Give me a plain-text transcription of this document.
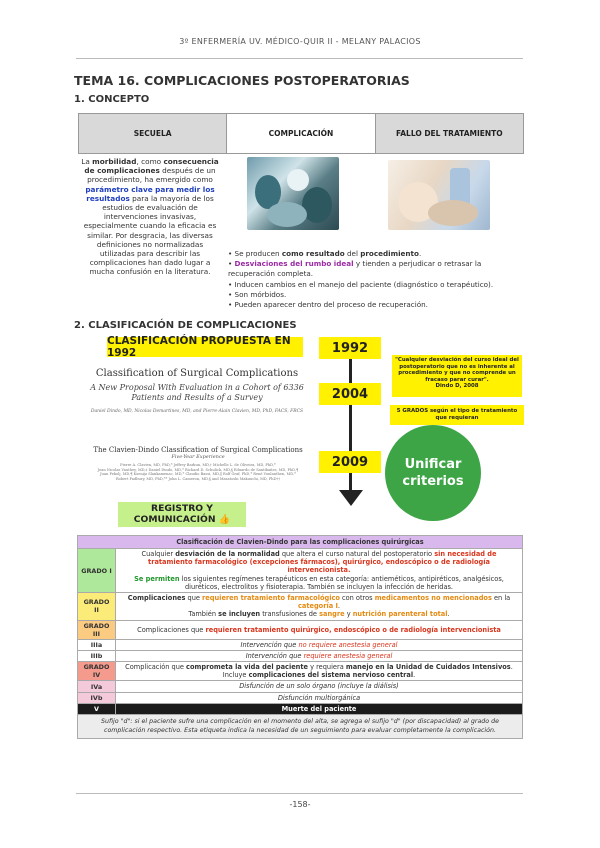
3º ENFERMERÍA UV. MÉDICO-QUIR II - MELANY PALACIOS
TEMA 16. COMPLICACIONES POSTOPERATORIAS
1. CONCEPTO
SECUELA	COMPLICACIÓN	FALLO DEL TRATAMIENTO
La morbilidad, como consecuencia de complicaciones después de un procedimiento, ha emergido como parámetro clave para medir los resultados para la mayoría de los estudios de evaluación de intervenciones invasivas, especialmente cuando la eficacia es similar. Por desgracia, las diversas definiciones no normalizadas utilizadas para describir las complicaciones han dado lugar a mucha confusión en la literatura.
• Se producen como resultado del procedimiento.
• Desviaciones del rumbo ideal y tienden a perjudicar o retrasar la recuperación completa.
• Inducen cambios en el manejo del paciente (diagnóstico o terapéutico).
• Son mórbidos.
• Pueden aparecer dentro del proceso de recuperación.
2. CLASIFICACIÓN DE COMPLICACIONES
CLASIFICACIÓN PROPUESTA EN 1992	1992
2004
2009
"Cualquier desviación del curso ideal del postoperatorio que no es inherente al procedimiento y que no comprende un fracaso parar curar".
Dindo D, 2008
5 GRADOS según el tipo de tratamiento que requieran
Classification of Surgical Complications
A New Proposal With Evaluation in a Cohort of 6336 Patients and Results of a Survey
Daniel Dindo, MD, Nicolas Demartines, MD, and Pierre-Alain Clavien, MD, PhD, FACS, FRCS
The Clavien-Dindo Classification of Surgical Complications
Five-Year Experience
Pierre A. Clavien, MD, PhD,* Jeffrey Barkun, MD,† Michelle L. de Oliveira, MD, PhD,*
Jean Nicolas Vauthey, MD,‡ Daniel Dindo, MD,* Richard D. Schulick, MD,§ Eduardo de Santibañes, MD, PhD,¶
Juan Pekolj, MD,¶ Ksenija Slankamenac, MD,* Claudio Bassi, MD,‖ Rolf Graf, PhD,* René Vonlanthen, MD,*
Robert Padbury, MD, PhD,** John L. Cameron, MD,§ and Masatoshi Makuuchi, MD, PhD††
Unificar criterios
REGISTRO Y COMUNICACIÓN 👍
Clasificación de Clavien-Dindo para las complicaciones quirúrgicas	
GRADO I	Cualquier desviación de la normalidad que altera el curso natural del postoperatorio sin necesidad de tratamiento farmacológico (excepciones fármacos), quirúrgico, endoscópico o de radiología intervencionista.
Se permiten los siguientes regímenes terapéuticos en esta categoría: antieméticos, antipiréticos, analgésicos, diuréticos, electrolitos y fisioterapia. También se incluyen la infección de heridas.
GRADO II	Complicaciones que requieren tratamiento farmacológico con otros medicamentos no mencionados en la categoría I.
También se incluyen transfusiones de sangre y nutrición parenteral total.
GRADO III	Complicaciones que requieren tratamiento quirúrgico, endoscópico o de radiología intervencionista
IIIa	Intervención que no requiere anestesia general
IIIb	Intervención que requiere anestesia general
GRADO IV	Complicación que comprometa la vida del paciente y requiera manejo en la Unidad de Cuidados Intensivos. Incluye complicaciones del sistema nervioso central.
IVa	Disfunción de un solo órgano (incluye la diálisis)
IVb	Disfunción multiorgánica
V	Muerte del paciente
Sufijo "d": si el paciente sufre una complicación en el momento del alta, se agrega el sufijo "d" (por discapacidad) al grado de complicación respectivo. Esta etiqueta indica la necesidad de un seguimiento para evaluar completamente la complicación.	
-158-
